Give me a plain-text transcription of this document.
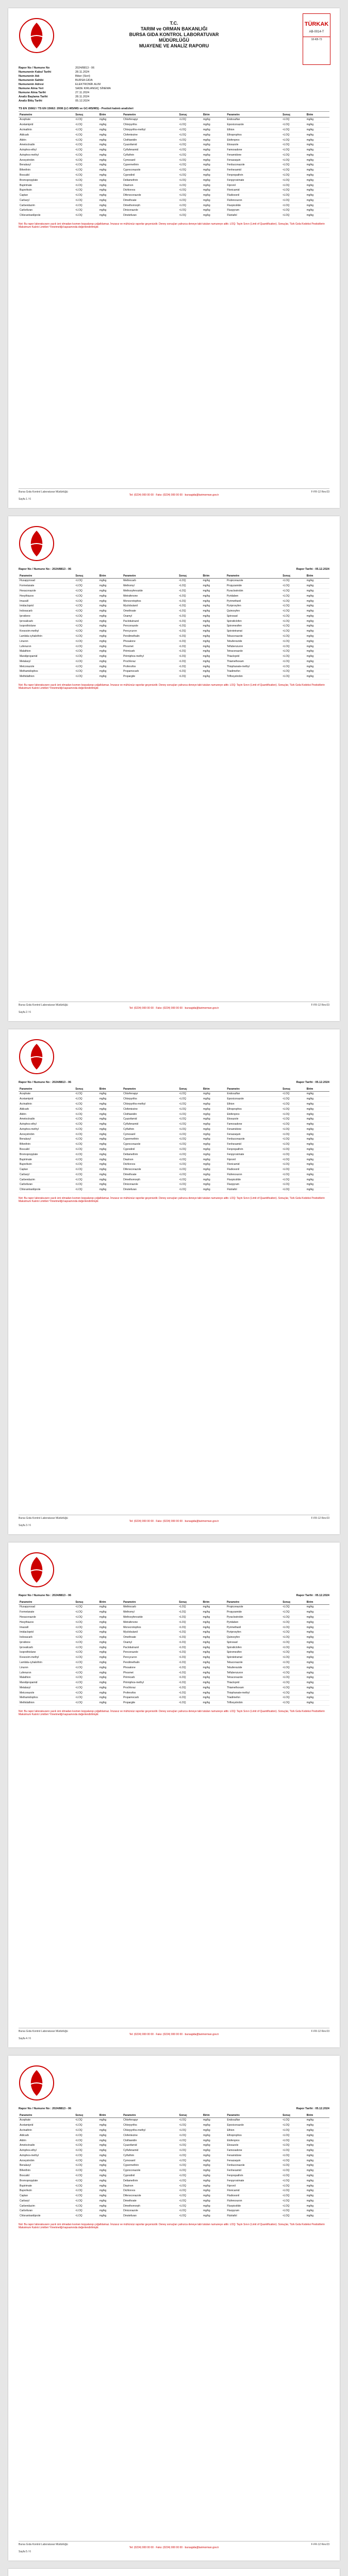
T.C.
TARIM ve ORMAN BAKANLIĞI
BURSA GIDA KONTROL LABORATUVAR
MÜDÜRLÜĞÜ
MUAYENE VE ANALİZ RAPORU
TÜRKAK
AB-0014-T
18-KB-73
Rapor No / Numune No	2024/8813 - 06
Numunenin Kabul Tarihi	28.11.2024
Numunenin Adı	Biber (Sivri)
Numunenin Sahibi	BURSA GIDA
Numunenin Adresi	ELEKTRONİK ALIM
Numune Alma Yeri	SADE KIRLANGIÇ SİNEMA
Numune Alma Tarihi	27.11.2024
Analiz Başlama Tarihi	28.11.2024
Analiz Bitiş Tarihi	05.12.2024
TS EN 15662 / TS EN 15662: 2008 (LC-MS/MS ve GC-MS/MS) - Pestisit kalıntı analizleri
Parametre	Sonuç	Birim	Parametre	Sonuç	Birim	Parametre	Sonuç	Birim
Acephate	<LOQ	mg/kg	Chlorfenapyr	<LOQ	mg/kg	Endosulfan	<LOQ	mg/kg
Acetamiprid	<LOQ	mg/kg	Chlorpyrifos	<LOQ	mg/kg	Epoxiconazole	<LOQ	mg/kg
Acrinathrin	<LOQ	mg/kg	Chlorpyrifos-methyl	<LOQ	mg/kg	Ethion	<LOQ	mg/kg
Aldicarb	<LOQ	mg/kg	Clofentezine	<LOQ	mg/kg	Ethoprophos	<LOQ	mg/kg
Aldrin	<LOQ	mg/kg	Clothianidin	<LOQ	mg/kg	Etofenprox	<LOQ	mg/kg
Ametoctradin	<LOQ	mg/kg	Cyazofamid	<LOQ	mg/kg	Etoxazole	<LOQ	mg/kg
Azinphos-ethyl	<LOQ	mg/kg	Cyflufenamid	<LOQ	mg/kg	Famoxadone	<LOQ	mg/kg
Azinphos-methyl	<LOQ	mg/kg	Cyfluthrin	<LOQ	mg/kg	Fenamidone	<LOQ	mg/kg
Azoxystrobin	<LOQ	mg/kg	Cymoxanil	<LOQ	mg/kg	Fenazaquin	<LOQ	mg/kg
Benalaxyl	<LOQ	mg/kg	Cypermethrin	<LOQ	mg/kg	Fenbuconazole	<LOQ	mg/kg
Bifenthrin	<LOQ	mg/kg	Cyproconazole	<LOQ	mg/kg	Fenhexamid	<LOQ	mg/kg
Boscalid	<LOQ	mg/kg	Cyprodinil	<LOQ	mg/kg	Fenpropathrin	<LOQ	mg/kg
Bromopropylate	<LOQ	mg/kg	Deltamethrin	<LOQ	mg/kg	Fenpyroximate	<LOQ	mg/kg
Bupirimate	<LOQ	mg/kg	Diazinon	<LOQ	mg/kg	Fipronil	<LOQ	mg/kg
Buprofezin	<LOQ	mg/kg	Dichlorvos	<LOQ	mg/kg	Flonicamid	<LOQ	mg/kg
Captan	<LOQ	mg/kg	Difenoconazole	<LOQ	mg/kg	Fludioxonil	<LOQ	mg/kg
Carbaryl	<LOQ	mg/kg	Dimethoate	<LOQ	mg/kg	Flufenoxuron	<LOQ	mg/kg
Carbendazim	<LOQ	mg/kg	Dimethomorph	<LOQ	mg/kg	Fluopicolide	<LOQ	mg/kg
Carbofuran	<LOQ	mg/kg	Diniconazole	<LOQ	mg/kg	Fluopyram	<LOQ	mg/kg
Chlorantraniliprole	<LOQ	mg/kg	Dinotefuran	<LOQ	mg/kg	Flutriafol	<LOQ	mg/kg
Not: Bu rapor laboratuvarın yazılı izni olmadan kısmen kopyalanıp çoğaltılamaz. İmzasız ve mühürsüz raporlar geçersizdir. Deney sonuçları yalnızca deneye tabi tutulan numuneye aittir. LOQ: Tayin Sınırı (Limit of Quantification). Sonuçlar, Türk Gıda Kodeksi Pestisitlerin Maksimum Kalıntı Limitleri Yönetmeliği kapsamında değerlendirilmiştir.
Bursa Gıda Kontrol Laboratuvar Müdürlüğü	F-FR-12 Rev.03
Tel: (0224) 000 00 00 · Faks: (0224) 000 00 00 · bursagida@tarimorman.gov.tr
Sayfa 1 / 6
Rapor No / Numune No : 2024/8813 - 06	Rapor Tarihi : 05.12.2024
Parametre	Sonuç	Birim	Parametre	Sonuç	Birim	Parametre	Sonuç	Birim
Fluxapyroxad	<LOQ	mg/kg	Methiocarb	<LOQ	mg/kg	Propiconazole	<LOQ	mg/kg
Formetanate	<LOQ	mg/kg	Methomyl	<LOQ	mg/kg	Propyzamide	<LOQ	mg/kg
Hexaconazole	<LOQ	mg/kg	Methoxyfenozide	<LOQ	mg/kg	Pyraclostrobin	<LOQ	mg/kg
Hexythiazox	<LOQ	mg/kg	Metrafenone	<LOQ	mg/kg	Pyridaben	<LOQ	mg/kg
Imazalil	<LOQ	mg/kg	Monocrotophos	<LOQ	mg/kg	Pyrimethanil	<LOQ	mg/kg
Imidacloprid	<LOQ	mg/kg	Myclobutanil	<LOQ	mg/kg	Pyriproxyfen	<LOQ	mg/kg
Indoxacarb	<LOQ	mg/kg	Omethoate	<LOQ	mg/kg	Quinoxyfen	<LOQ	mg/kg
Iprodione	<LOQ	mg/kg	Oxamyl	<LOQ	mg/kg	Spinosad	<LOQ	mg/kg
Iprovalicarb	<LOQ	mg/kg	Paclobutrazol	<LOQ	mg/kg	Spirodiclofen	<LOQ	mg/kg
Isoprothiolane	<LOQ	mg/kg	Penconazole	<LOQ	mg/kg	Spiromesifen	<LOQ	mg/kg
Kresoxim-methyl	<LOQ	mg/kg	Pencycuron	<LOQ	mg/kg	Spirotetramat	<LOQ	mg/kg
Lambda-cyhalothrin	<LOQ	mg/kg	Pendimethalin	<LOQ	mg/kg	Tebuconazole	<LOQ	mg/kg
Linuron	<LOQ	mg/kg	Phosalone	<LOQ	mg/kg	Tebufenozide	<LOQ	mg/kg
Lufenuron	<LOQ	mg/kg	Phosmet	<LOQ	mg/kg	Teflubenzuron	<LOQ	mg/kg
Malathion	<LOQ	mg/kg	Pirimicarb	<LOQ	mg/kg	Tetraconazole	<LOQ	mg/kg
Mandipropamid	<LOQ	mg/kg	Pirimiphos-methyl	<LOQ	mg/kg	Thiacloprid	<LOQ	mg/kg
Metalaxyl	<LOQ	mg/kg	Prochloraz	<LOQ	mg/kg	Thiamethoxam	<LOQ	mg/kg
Metconazole	<LOQ	mg/kg	Profenofos	<LOQ	mg/kg	Thiophanate-methyl	<LOQ	mg/kg
Methamidophos	<LOQ	mg/kg	Propamocarb	<LOQ	mg/kg	Triadimefon	<LOQ	mg/kg
Methidathion	<LOQ	mg/kg	Propargite	<LOQ	mg/kg	Trifloxystrobin	<LOQ	mg/kg
Not: Bu rapor laboratuvarın yazılı izni olmadan kısmen kopyalanıp çoğaltılamaz. İmzasız ve mühürsüz raporlar geçersizdir. Deney sonuçları yalnızca deneye tabi tutulan numuneye aittir. LOQ: Tayin Sınırı (Limit of Quantification). Sonuçlar, Türk Gıda Kodeksi Pestisitlerin Maksimum Kalıntı Limitleri Yönetmeliği kapsamında değerlendirilmiştir.
Bursa Gıda Kontrol Laboratuvar Müdürlüğü	F-FR-12 Rev.03
Tel: (0224) 000 00 00 · Faks: (0224) 000 00 00 · bursagida@tarimorman.gov.tr
Sayfa 2 / 6
Rapor No / Numune No : 2024/8813 - 06	Rapor Tarihi : 05.12.2024
Parametre	Sonuç	Birim	Parametre	Sonuç	Birim	Parametre	Sonuç	Birim
Acephate	<LOQ	mg/kg	Chlorfenapyr	<LOQ	mg/kg	Endosulfan	<LOQ	mg/kg
Acetamiprid	<LOQ	mg/kg	Chlorpyrifos	<LOQ	mg/kg	Epoxiconazole	<LOQ	mg/kg
Acrinathrin	<LOQ	mg/kg	Chlorpyrifos-methyl	<LOQ	mg/kg	Ethion	<LOQ	mg/kg
Aldicarb	<LOQ	mg/kg	Clofentezine	<LOQ	mg/kg	Ethoprophos	<LOQ	mg/kg
Aldrin	<LOQ	mg/kg	Clothianidin	<LOQ	mg/kg	Etofenprox	<LOQ	mg/kg
Ametoctradin	<LOQ	mg/kg	Cyazofamid	<LOQ	mg/kg	Etoxazole	<LOQ	mg/kg
Azinphos-ethyl	<LOQ	mg/kg	Cyflufenamid	<LOQ	mg/kg	Famoxadone	<LOQ	mg/kg
Azinphos-methyl	<LOQ	mg/kg	Cyfluthrin	<LOQ	mg/kg	Fenamidone	<LOQ	mg/kg
Azoxystrobin	<LOQ	mg/kg	Cymoxanil	<LOQ	mg/kg	Fenazaquin	<LOQ	mg/kg
Benalaxyl	<LOQ	mg/kg	Cypermethrin	<LOQ	mg/kg	Fenbuconazole	<LOQ	mg/kg
Bifenthrin	<LOQ	mg/kg	Cyproconazole	<LOQ	mg/kg	Fenhexamid	<LOQ	mg/kg
Boscalid	<LOQ	mg/kg	Cyprodinil	<LOQ	mg/kg	Fenpropathrin	<LOQ	mg/kg
Bromopropylate	<LOQ	mg/kg	Deltamethrin	<LOQ	mg/kg	Fenpyroximate	<LOQ	mg/kg
Bupirimate	<LOQ	mg/kg	Diazinon	<LOQ	mg/kg	Fipronil	<LOQ	mg/kg
Buprofezin	<LOQ	mg/kg	Dichlorvos	<LOQ	mg/kg	Flonicamid	<LOQ	mg/kg
Captan	<LOQ	mg/kg	Difenoconazole	<LOQ	mg/kg	Fludioxonil	<LOQ	mg/kg
Carbaryl	<LOQ	mg/kg	Dimethoate	<LOQ	mg/kg	Flufenoxuron	<LOQ	mg/kg
Carbendazim	<LOQ	mg/kg	Dimethomorph	<LOQ	mg/kg	Fluopicolide	<LOQ	mg/kg
Carbofuran	<LOQ	mg/kg	Diniconazole	<LOQ	mg/kg	Fluopyram	<LOQ	mg/kg
Chlorantraniliprole	<LOQ	mg/kg	Dinotefuran	<LOQ	mg/kg	Flutriafol	<LOQ	mg/kg
Not: Bu rapor laboratuvarın yazılı izni olmadan kısmen kopyalanıp çoğaltılamaz. İmzasız ve mühürsüz raporlar geçersizdir. Deney sonuçları yalnızca deneye tabi tutulan numuneye aittir. LOQ: Tayin Sınırı (Limit of Quantification). Sonuçlar, Türk Gıda Kodeksi Pestisitlerin Maksimum Kalıntı Limitleri Yönetmeliği kapsamında değerlendirilmiştir.
Bursa Gıda Kontrol Laboratuvar Müdürlüğü	F-FR-12 Rev.03
Tel: (0224) 000 00 00 · Faks: (0224) 000 00 00 · bursagida@tarimorman.gov.tr
Sayfa 3 / 6
Rapor No / Numune No : 2024/8813 - 06	Rapor Tarihi : 05.12.2024
Parametre	Sonuç	Birim	Parametre	Sonuç	Birim	Parametre	Sonuç	Birim
Fluxapyroxad	<LOQ	mg/kg	Methiocarb	<LOQ	mg/kg	Propiconazole	<LOQ	mg/kg
Formetanate	<LOQ	mg/kg	Methomyl	<LOQ	mg/kg	Propyzamide	<LOQ	mg/kg
Hexaconazole	<LOQ	mg/kg	Methoxyfenozide	<LOQ	mg/kg	Pyraclostrobin	<LOQ	mg/kg
Hexythiazox	<LOQ	mg/kg	Metrafenone	<LOQ	mg/kg	Pyridaben	<LOQ	mg/kg
Imazalil	<LOQ	mg/kg	Monocrotophos	<LOQ	mg/kg	Pyrimethanil	<LOQ	mg/kg
Imidacloprid	<LOQ	mg/kg	Myclobutanil	<LOQ	mg/kg	Pyriproxyfen	<LOQ	mg/kg
Indoxacarb	<LOQ	mg/kg	Omethoate	<LOQ	mg/kg	Quinoxyfen	<LOQ	mg/kg
Iprodione	<LOQ	mg/kg	Oxamyl	<LOQ	mg/kg	Spinosad	<LOQ	mg/kg
Iprovalicarb	<LOQ	mg/kg	Paclobutrazol	<LOQ	mg/kg	Spirodiclofen	<LOQ	mg/kg
Isoprothiolane	<LOQ	mg/kg	Penconazole	<LOQ	mg/kg	Spiromesifen	<LOQ	mg/kg
Kresoxim-methyl	<LOQ	mg/kg	Pencycuron	<LOQ	mg/kg	Spirotetramat	<LOQ	mg/kg
Lambda-cyhalothrin	<LOQ	mg/kg	Pendimethalin	<LOQ	mg/kg	Tebuconazole	<LOQ	mg/kg
Linuron	<LOQ	mg/kg	Phosalone	<LOQ	mg/kg	Tebufenozide	<LOQ	mg/kg
Lufenuron	<LOQ	mg/kg	Phosmet	<LOQ	mg/kg	Teflubenzuron	<LOQ	mg/kg
Malathion	<LOQ	mg/kg	Pirimicarb	<LOQ	mg/kg	Tetraconazole	<LOQ	mg/kg
Mandipropamid	<LOQ	mg/kg	Pirimiphos-methyl	<LOQ	mg/kg	Thiacloprid	<LOQ	mg/kg
Metalaxyl	<LOQ	mg/kg	Prochloraz	<LOQ	mg/kg	Thiamethoxam	<LOQ	mg/kg
Metconazole	<LOQ	mg/kg	Profenofos	<LOQ	mg/kg	Thiophanate-methyl	<LOQ	mg/kg
Methamidophos	<LOQ	mg/kg	Propamocarb	<LOQ	mg/kg	Triadimefon	<LOQ	mg/kg
Methidathion	<LOQ	mg/kg	Propargite	<LOQ	mg/kg	Trifloxystrobin	<LOQ	mg/kg
Not: Bu rapor laboratuvarın yazılı izni olmadan kısmen kopyalanıp çoğaltılamaz. İmzasız ve mühürsüz raporlar geçersizdir. Deney sonuçları yalnızca deneye tabi tutulan numuneye aittir. LOQ: Tayin Sınırı (Limit of Quantification). Sonuçlar, Türk Gıda Kodeksi Pestisitlerin Maksimum Kalıntı Limitleri Yönetmeliği kapsamında değerlendirilmiştir.
Bursa Gıda Kontrol Laboratuvar Müdürlüğü	F-FR-12 Rev.03
Tel: (0224) 000 00 00 · Faks: (0224) 000 00 00 · bursagida@tarimorman.gov.tr
Sayfa 4 / 6
Rapor No / Numune No : 2024/8813 - 06	Rapor Tarihi : 05.12.2024
Parametre	Sonuç	Birim	Parametre	Sonuç	Birim	Parametre	Sonuç	Birim
Acephate	<LOQ	mg/kg	Chlorfenapyr	<LOQ	mg/kg	Endosulfan	<LOQ	mg/kg
Acetamiprid	<LOQ	mg/kg	Chlorpyrifos	<LOQ	mg/kg	Epoxiconazole	<LOQ	mg/kg
Acrinathrin	<LOQ	mg/kg	Chlorpyrifos-methyl	<LOQ	mg/kg	Ethion	<LOQ	mg/kg
Aldicarb	<LOQ	mg/kg	Clofentezine	<LOQ	mg/kg	Ethoprophos	<LOQ	mg/kg
Aldrin	<LOQ	mg/kg	Clothianidin	<LOQ	mg/kg	Etofenprox	<LOQ	mg/kg
Ametoctradin	<LOQ	mg/kg	Cyazofamid	<LOQ	mg/kg	Etoxazole	<LOQ	mg/kg
Azinphos-ethyl	<LOQ	mg/kg	Cyflufenamid	<LOQ	mg/kg	Famoxadone	<LOQ	mg/kg
Azinphos-methyl	<LOQ	mg/kg	Cyfluthrin	<LOQ	mg/kg	Fenamidone	<LOQ	mg/kg
Azoxystrobin	<LOQ	mg/kg	Cymoxanil	<LOQ	mg/kg	Fenazaquin	<LOQ	mg/kg
Benalaxyl	<LOQ	mg/kg	Cypermethrin	<LOQ	mg/kg	Fenbuconazole	<LOQ	mg/kg
Bifenthrin	<LOQ	mg/kg	Cyproconazole	<LOQ	mg/kg	Fenhexamid	<LOQ	mg/kg
Boscalid	<LOQ	mg/kg	Cyprodinil	<LOQ	mg/kg	Fenpropathrin	<LOQ	mg/kg
Bromopropylate	<LOQ	mg/kg	Deltamethrin	<LOQ	mg/kg	Fenpyroximate	<LOQ	mg/kg
Bupirimate	<LOQ	mg/kg	Diazinon	<LOQ	mg/kg	Fipronil	<LOQ	mg/kg
Buprofezin	<LOQ	mg/kg	Dichlorvos	<LOQ	mg/kg	Flonicamid	<LOQ	mg/kg
Captan	<LOQ	mg/kg	Difenoconazole	<LOQ	mg/kg	Fludioxonil	<LOQ	mg/kg
Carbaryl	<LOQ	mg/kg	Dimethoate	<LOQ	mg/kg	Flufenoxuron	<LOQ	mg/kg
Carbendazim	<LOQ	mg/kg	Dimethomorph	<LOQ	mg/kg	Fluopicolide	<LOQ	mg/kg
Carbofuran	<LOQ	mg/kg	Diniconazole	<LOQ	mg/kg	Fluopyram	<LOQ	mg/kg
Chlorantraniliprole	<LOQ	mg/kg	Dinotefuran	<LOQ	mg/kg	Flutriafol	<LOQ	mg/kg
Not: Bu rapor laboratuvarın yazılı izni olmadan kısmen kopyalanıp çoğaltılamaz. İmzasız ve mühürsüz raporlar geçersizdir. Deney sonuçları yalnızca deneye tabi tutulan numuneye aittir. LOQ: Tayin Sınırı (Limit of Quantification). Sonuçlar, Türk Gıda Kodeksi Pestisitlerin Maksimum Kalıntı Limitleri Yönetmeliği kapsamında değerlendirilmiştir.
Bursa Gıda Kontrol Laboratuvar Müdürlüğü	F-FR-12 Rev.03
Tel: (0224) 000 00 00 · Faks: (0224) 000 00 00 · bursagida@tarimorman.gov.tr
Sayfa 5 / 6
